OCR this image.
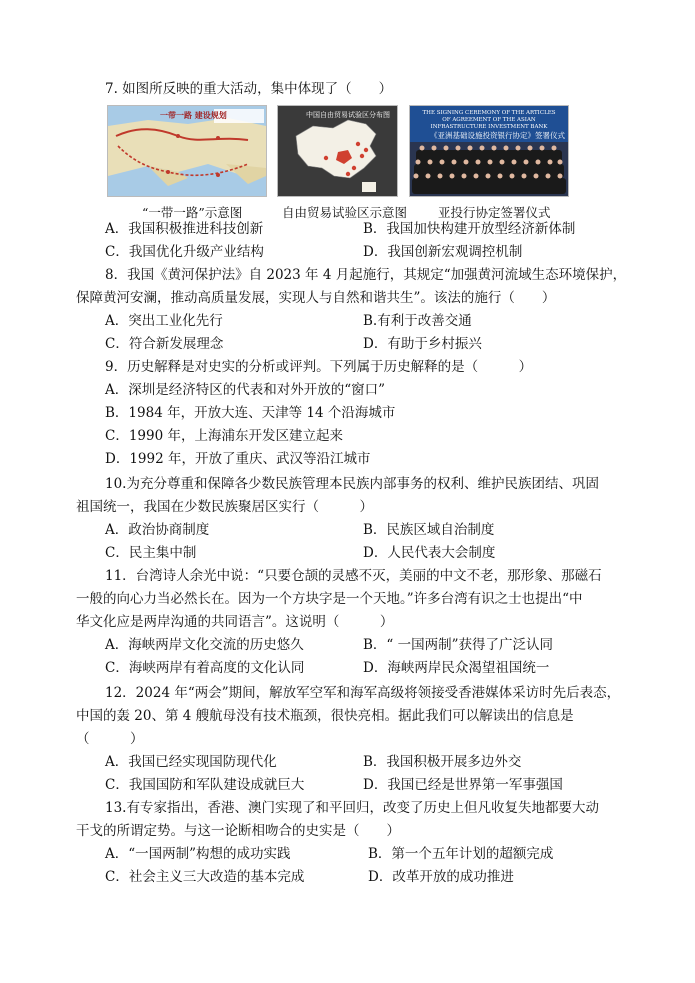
7. 如图所反映的重大活动，集中体现了（　　）
一带一路 建设规划	中国自由贸易试验区分布图	THE SIGNING CEREMONY OF THE ARTICLES OF AGREEMENT OF THE ASIAN INFRASTRUCTURE INVESTMENT BANK
《亚洲基础设施投资银行协定》签署仪式
“一带一路”示意图	自由贸易试验区示意图 亚投行协定签署仪式
A．我国积极推进科技创新	B．我国加快构建开放型经济新体制
C．我国优化升级产业结构	D．我国创新宏观调控机制
8．我国《黄河保护法》自 2023 年 4 月起施行，其规定“加强黄河流域生态环境保护，
保障黄河安澜，推动高质量发展，实现人与自然和谐共生”。该法的施行（　　）
A．突出工业化先行	B.有利于改善交通
C．符合新发展理念	D．有助于乡村振兴
9．历史解释是对史实的分析或评判。下列属于历史解释的是（　　　）
A．深圳是经济特区的代表和对外开放的“窗口”
B．1984 年，开放大连、天津等 14 个沿海城市
C．1990 年，上海浦东开发区建立起来
D．1992 年，开放了重庆、武汉等沿江城市
10.为充分尊重和保障各少数民族管理本民族内部事务的权利、维护民族团结、巩固
祖国统一，我国在少数民族聚居区实行（　　　）
A．政治协商制度	B．民族区域自治制度
C．民主集中制	D．人民代表大会制度
11．台湾诗人余光中说：“只要仓颉的灵感不灭，美丽的中文不老，那形象、那磁石
一般的向心力当必然长在。因为一个方块字是一个天地。”许多台湾有识之士也提出“中
华文化应是两岸沟通的共同语言”。这说明（　　　）
A．海峡两岸文化交流的历史悠久	B．“ 一国两制”获得了广泛认同
C．海峡两岸有着高度的文化认同	D．海峡两岸民众渴望祖国统一
12．2024 年“两会”期间，解放军空军和海军高级将领接受香港媒体采访时先后表态，
中国的轰 20、第 4 艘航母没有技术瓶颈，很快亮相。据此我们可以解读出的信息是
（　　　）
A．我国已经实现国防现代化	B．我国积极开展多边外交
C．我国国防和军队建设成就巨大	D．我国已经是世界第一军事强国
13.有专家指出，香港、澳门实现了和平回归，改变了历史上但凡收复失地都要大动
干戈的所谓定势。与这一论断相吻合的史实是（　　）
A．“一国两制”构想的成功实践	B．第一个五年计划的超额完成
C．社会主义三大改造的基本完成	D．改革开放的成功推进
